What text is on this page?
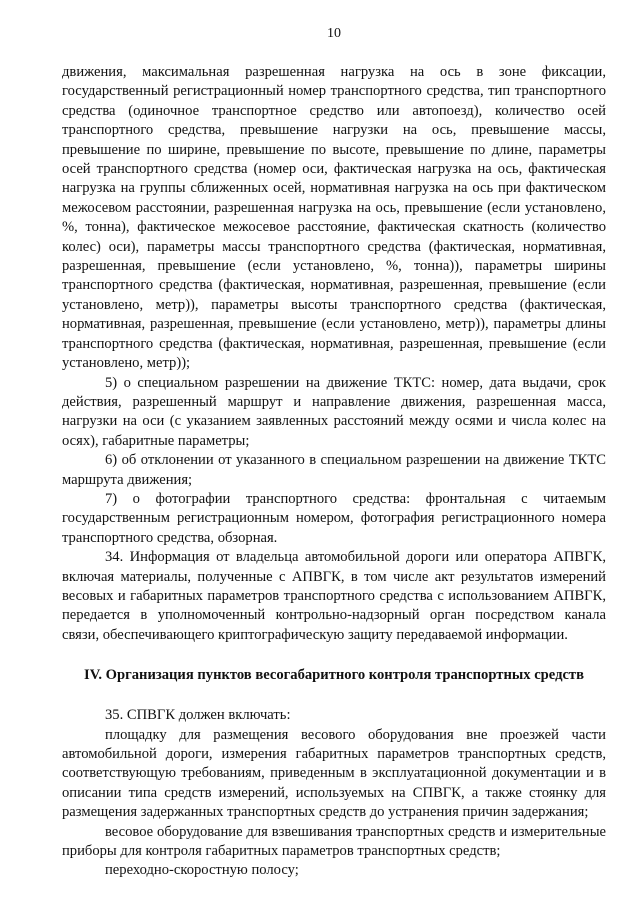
10

движения, максимальная разрешенная нагрузка на ось в зоне фиксации, государственный регистрационный номер транспортного средства, тип транспортного средства (одиночное транспортное средство или автопоезд), количество осей транспортного средства, превышение нагрузки на ось, превышение массы, превышение по ширине, превышение по высоте, превышение по длине, параметры осей транспортного средства (номер оси, фактическая нагрузка на ось, фактическая нагрузка на группы сближенных осей, нормативная нагрузка на ось при фактическом межосевом расстоянии, разрешенная нагрузка на ось, превышение (если установлено, %, тонна), фактическое межосевое расстояние, фактическая скатность (количество колес) оси), параметры массы транспортного средства (фактическая, нормативная, разрешенная, превышение (если установлено, %, тонна)), параметры ширины транспортного средства (фактическая, нормативная, разрешенная, превышение (если установлено, метр)), параметры высоты транспортного средства (фактическая, нормативная, разрешенная, превышение (если установлено, метр)), параметры длины транспортного средства (фактическая, нормативная, разрешенная, превышение (если установлено, метр));

5) о специальном разрешении на движение ТКТС: номер, дата выдачи, срок действия, разрешенный маршрут и направление движения, разрешенная масса, нагрузки на оси (с указанием заявленных расстояний между осями и числа колес на осях), габаритные параметры;

6) об отклонении от указанного в специальном разрешении на движение ТКТС маршрута движения;

7) о фотографии транспортного средства: фронтальная с читаемым государственным регистрационным номером, фотография регистрационного номера транспортного средства, обзорная.

34. Информация от владельца автомобильной дороги или оператора АПВГК, включая материалы, полученные с АПВГК, в том числе акт результатов измерений весовых и габаритных параметров транспортного средства с использованием АПВГК, передается в уполномоченный контрольно-надзорный орган посредством канала связи, обеспечивающего криптографическую защиту передаваемой информации.

IV. Организация пунктов весогабаритного контроля транспортных средств

35. СПВГК должен включать:

площадку для размещения весового оборудования вне проезжей части автомобильной дороги, измерения габаритных параметров транспортных средств, соответствующую требованиям, приведенным в эксплуатационной документации и в описании типа средств измерений, используемых на СПВГК, а также стоянку для размещения задержанных транспортных средств до устранения причин задержания;

весовое оборудование для взвешивания транспортных средств и измерительные приборы для контроля габаритных параметров транспортных средств;

переходно-скоростную полосу;
